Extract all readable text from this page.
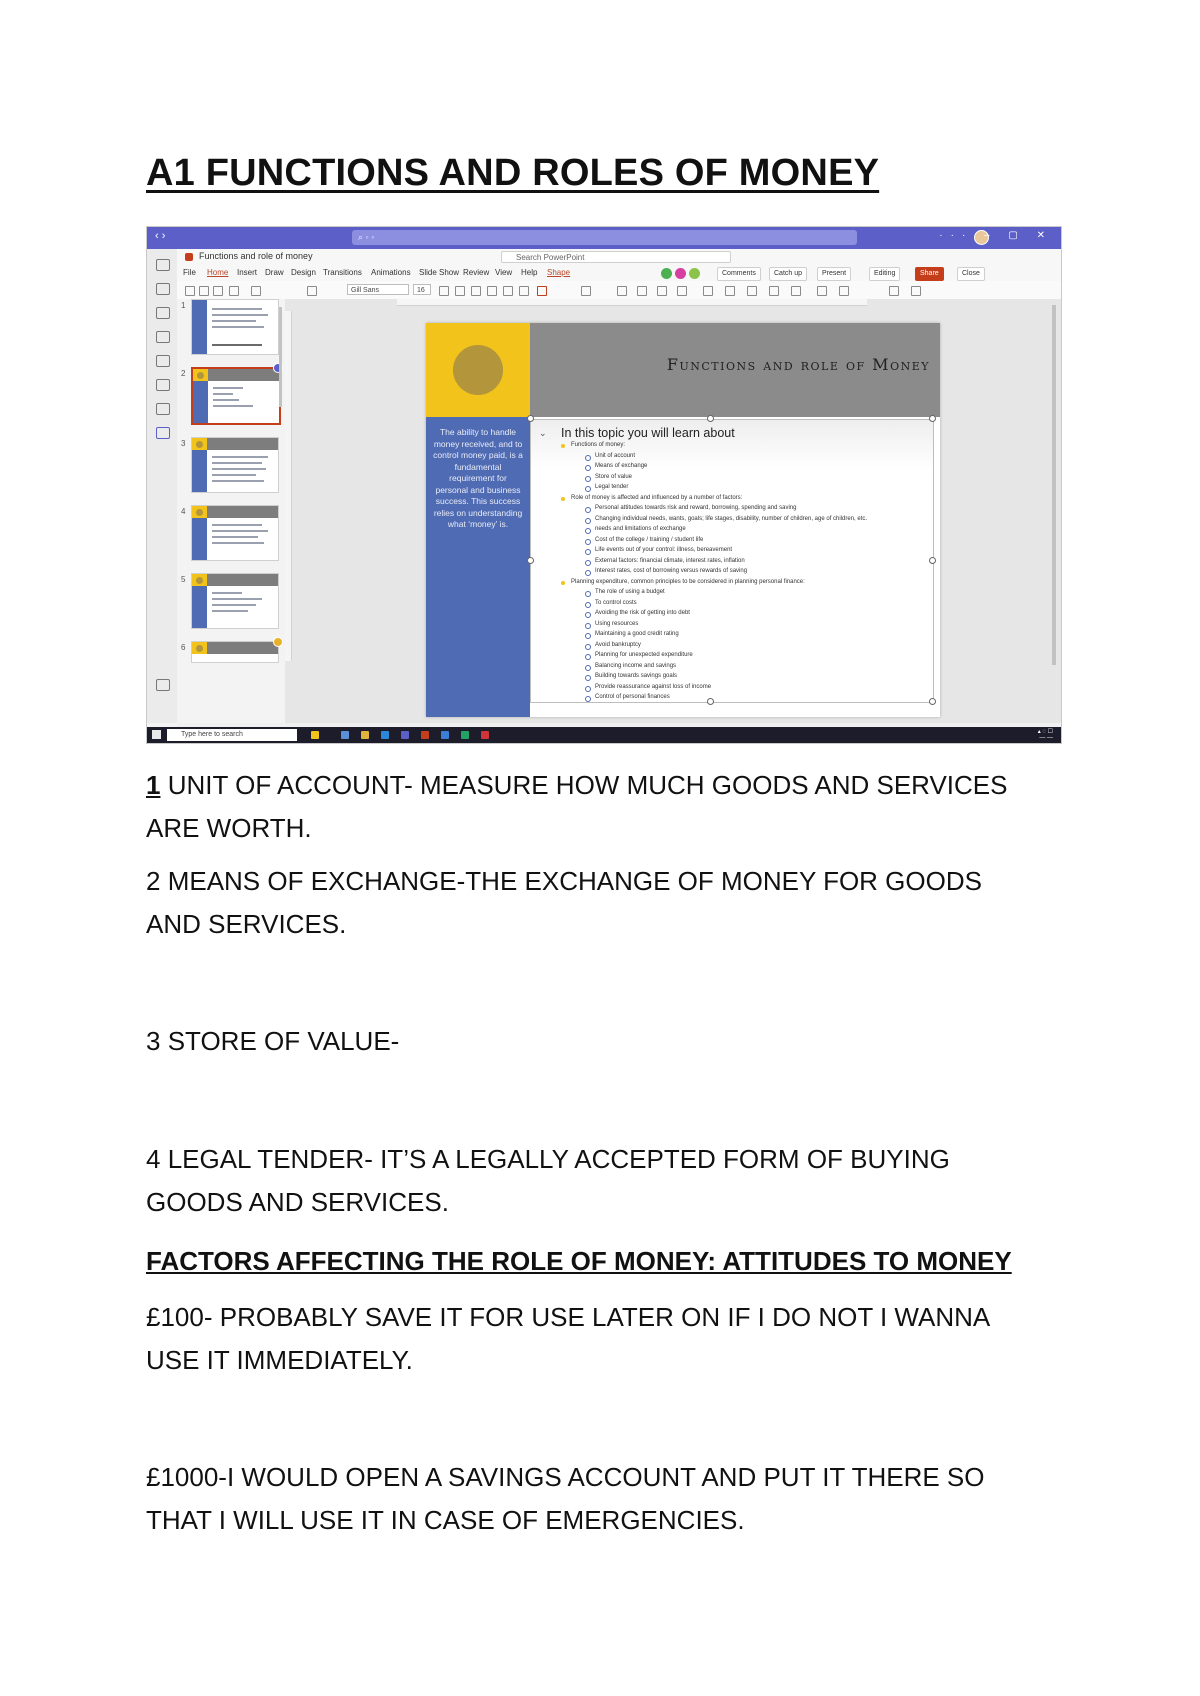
A1 FUNCTIONS AND ROLES OF MONEY
‹ ›	⌕ ◦ ◦	··· – ▢ ✕
Functions and role of money	Search PowerPoint
File Home Insert Draw Design Transitions Animations Slide Show Review View Help Shape	Comments	Catch up	Present	Editing	Share	Close
Gill Sans	16
1
2
3
4
5
6
Functions and role of Money
The ability to handle money received, and to control money paid, is a fundamental requirement for personal and business success. This success relies on understanding what ‘money’ is.
⌄ In this topic you will learn about
Functions of money:
Unit of account
Means of exchange
Store of value
Legal tender
Role of money is affected and influenced by a number of factors:
Personal attitudes towards risk and reward, borrowing, spending and saving
Changing individual needs, wants, goals; life stages, disability, number of children, age of children, etc.
needs and limitations of exchange
Cost of the college / training / student life
Life events out of your control: illness, bereavement
External factors: financial climate, interest rates, inflation
Interest rates, cost of borrowing versus rewards of saving
Planning expenditure, common principles to be considered in planning personal finance:
The role of using a budget
To control costs
Avoiding the risk of getting into debt
Using resources
Maintaining a good credit rating
Avoid bankruptcy
Planning for unexpected expenditure
Balancing income and savings
Building towards savings goals
Provide reassurance against loss of income
Control of personal finances
Type here to search	▴ ◌ ☐
— —

1 UNIT OF ACCOUNT- MEASURE HOW MUCH GOODS AND SERVICES
ARE WORTH.

2 MEANS OF EXCHANGE-THE EXCHANGE OF MONEY FOR GOODS
AND SERVICES.

3 STORE OF VALUE-

4 LEGAL TENDER- IT’S A LEGALLY ACCEPTED FORM OF BUYING
GOODS AND SERVICES.

FACTORS AFFECTING THE ROLE OF MONEY: ATTITUDES TO MONEY

£100- PROBABLY SAVE IT FOR USE LATER ON IF I DO NOT I WANNA
USE IT IMMEDIATELY.

£1000-I WOULD OPEN A SAVINGS ACCOUNT AND PUT IT THERE SO
THAT I WILL USE IT IN CASE OF EMERGENCIES.
